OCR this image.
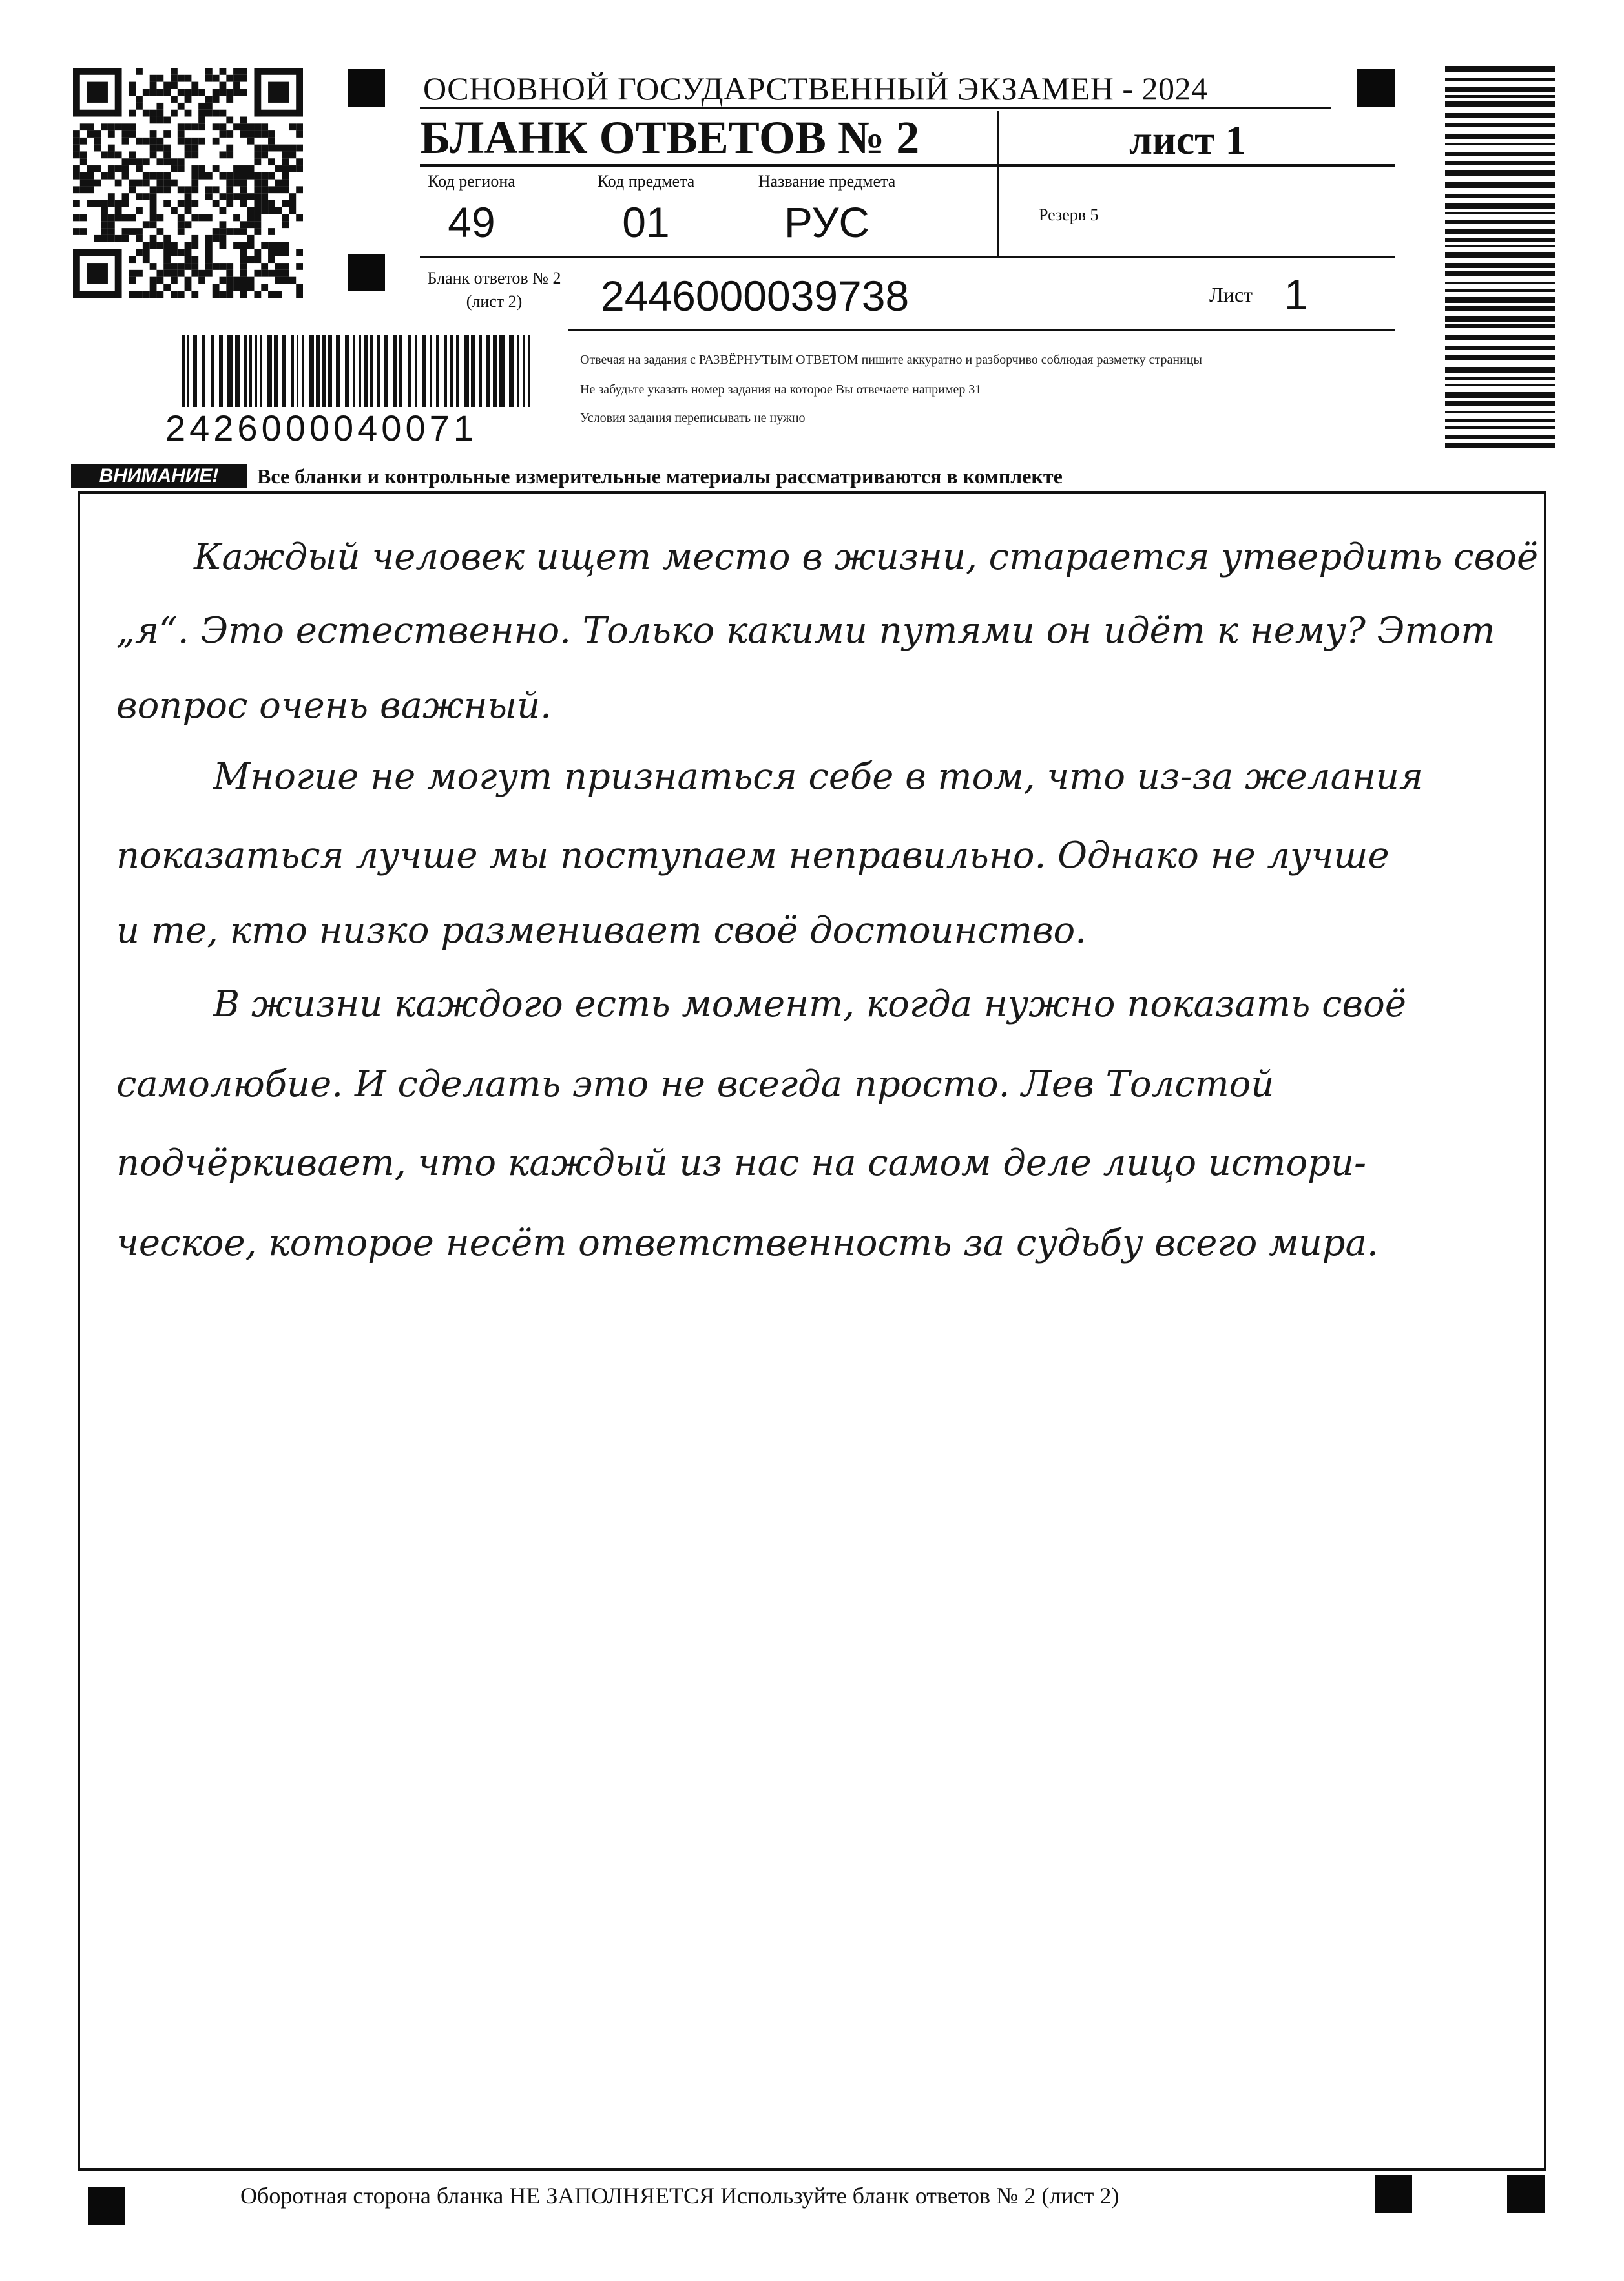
ОСНОВНОЙ ГОСУДАРСТВЕННЫЙ ЭКЗАМЕН - 2024
БЛАНК ОТВЕТОВ № 2	лист 1
Код региона
49
Код предмета
01
Название предмета
РУС	Резерв 5
Бланк ответов № 2
(лист 2)	2446000039738	Лист 1
Отвечая на задания с РАЗВЁРНУТЫМ ОТВЕТОМ пишите аккуратно и разборчиво соблюдая разметку страницы
Не забудьте указать номер задания на которое Вы отвечаете например 31
Условия задания переписывать не нужно
2426000040071
ВНИМАНИЕ!	Все бланки и контрольные измерительные материалы рассматриваются в комплекте
Каждый человек ищет место в жизни, старается утвердить своё
„я“. Это естественно. Только какими путями он идёт к нему? Этот
вопрос очень важный.
Многие не могут признаться себе в том, что из-за желания
показаться лучше мы поступаем неправильно. Однако не лучше
и те, кто низко разменивает своё достоинство.
В жизни каждого есть момент, когда нужно показать своё
самолюбие. И сделать это не всегда просто. Лев Толстой
подчёркивает, что каждый из нас на самом деле лицо истори-
ческое, которое несёт ответственность за судьбу всего мира.
Оборотная сторона бланка НЕ ЗАПОЛНЯЕТСЯ Используйте бланк ответов № 2 (лист 2)
